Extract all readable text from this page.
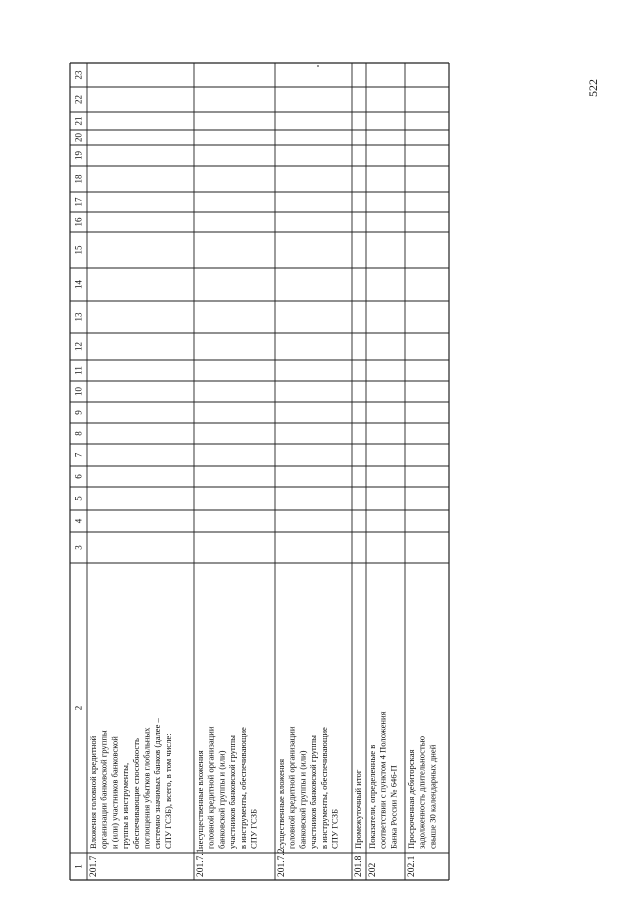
23
22
21
20
19
18
17
16
15
14
13
12
11
10
9
8
7
6
5
4
3
2
1 201.7
Вложения головной кредитной организации банковской группы и (или) участников банковской группы в инструменты, обеспечивающие способность поглощения убытков глобальных системно значимых банков (далее – СПУ ГСЗБ), всего, в том числе:
201.7.1
несущественные вложения головной кредитной организации банковской группы и (или) участников банковской группы в инструменты, обеспечивающие СПУ ГСЗБ
201.7.2
существенные вложения головной кредитной организации банковской группы и (или) участников банковской группы в инструменты, обеспечивающие СПУ ГСЗБ
201.8
Промежуточный итог
202
Показатели, определенные в соответствии с пунктом 4 Положения Банка России № 646-П
202.1
Просроченная дебиторская задолженность длительностью свыше 30 календарных дней
522
